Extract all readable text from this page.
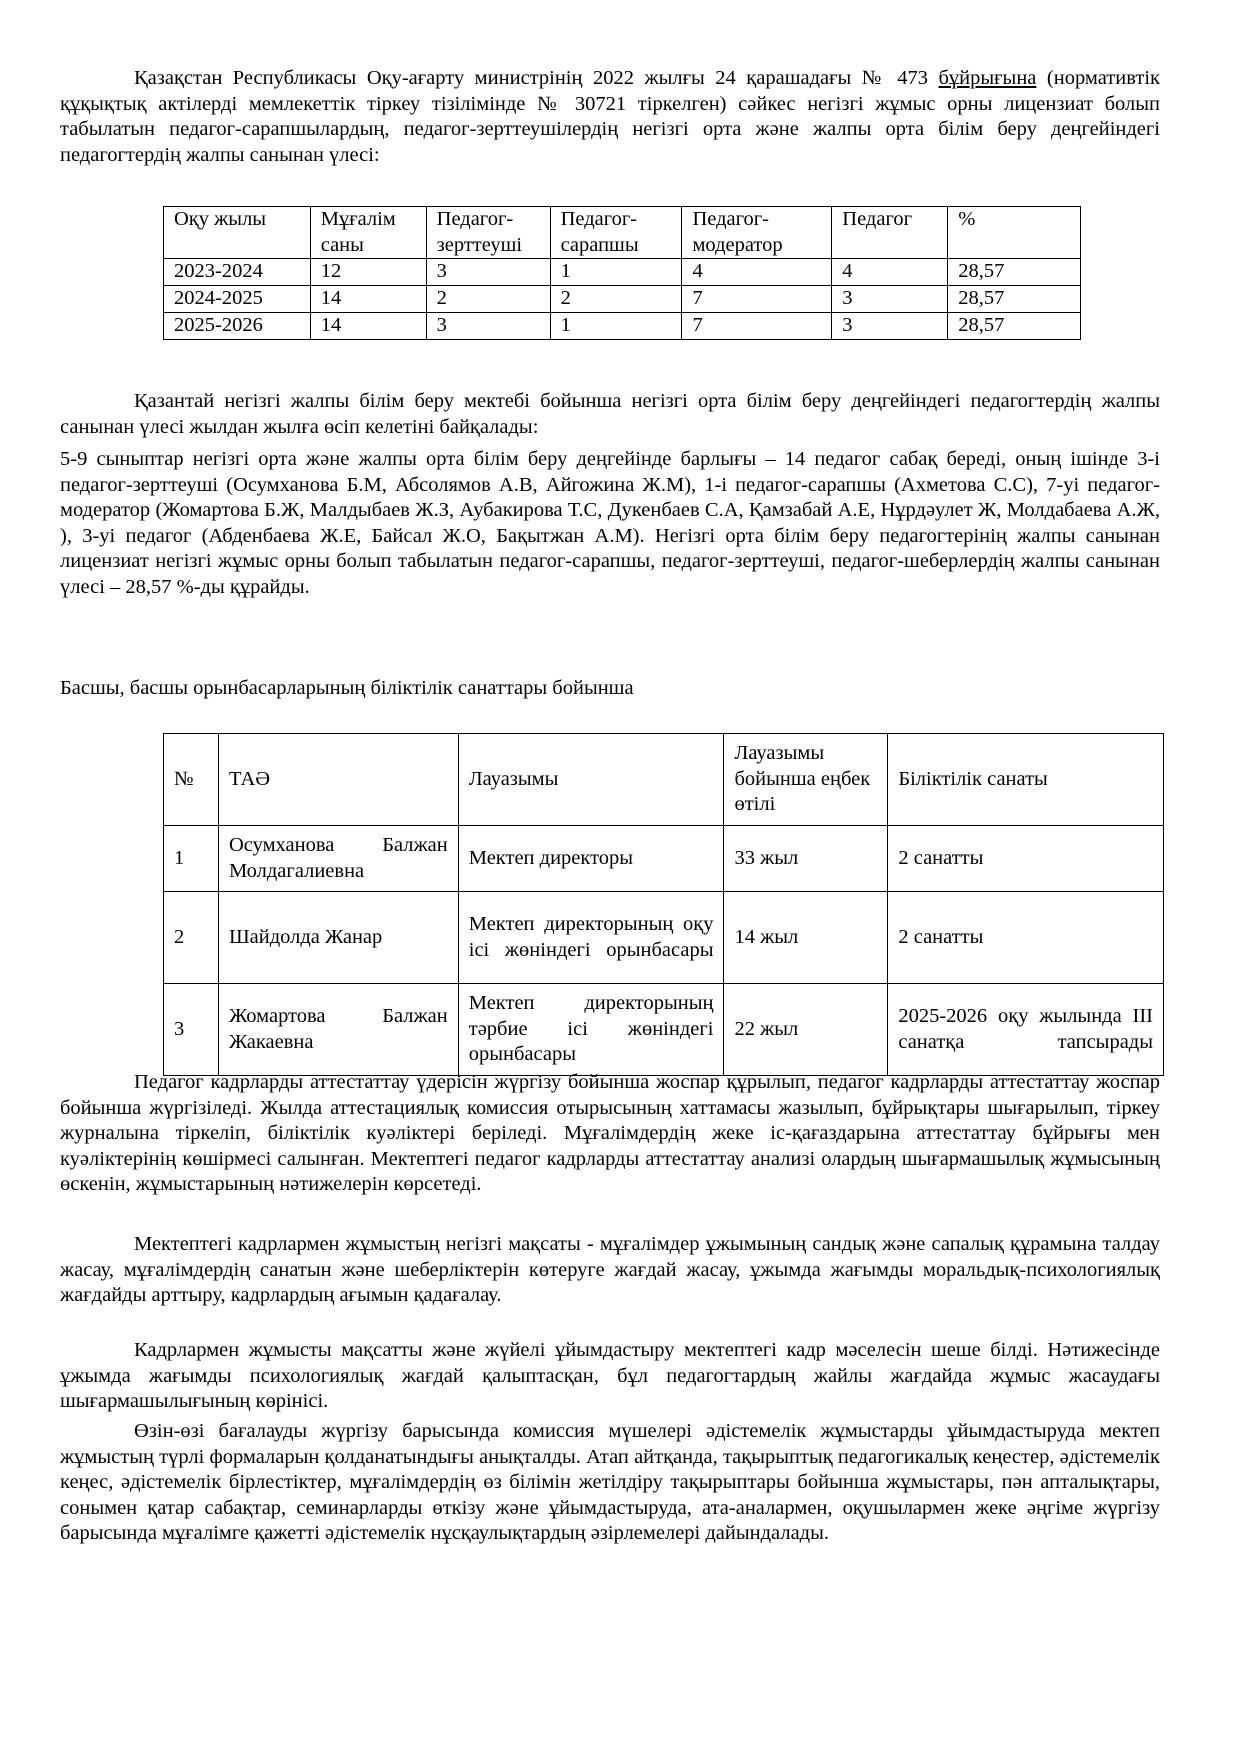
Қазақстан Республикасы Оқу-ағарту министрінің 2022 жылғы 24 қарашадағы № 473 бұйрығына (нормативтік құқықтық актілерді мемлекеттік тіркеу тізілімінде № 30721 тіркелген) сәйкес негізгі жұмыс орны лицензиат болып табылатын педагог-сарапшылардың, педагог-зерттеушілердің негізгі орта және жалпы орта білім беру деңгейіндегі педагогтердің жалпы санынан үлесі:

Оқу жылы	Мұғалім саны	Педагог-зерттеуші	Педагог-сарапшы	Педагог-модератор	Педагог	%
2023-2024	12	3	1	4	4	28,57
2024-2025	14	2	2	7	3	28,57
2025-2026	14	3	1	7	3	28,57

Қазантай негізгі жалпы білім беру мектебі бойынша негізгі орта білім беру деңгейіндегі педагогтердің жалпы санынан үлесі жылдан жылға өсіп келетіні байқалады:

5-9 сыныптар негізгі орта және жалпы орта білім беру деңгейінде барлығы – 14 педагог сабақ береді, оның ішінде 3-і педагог-зерттеуші (Осумханова Б.М, Абсолямов А.В, Айгожина Ж.М), 1-і педагог-сарапшы (Ахметова С.С), 7-уі педагог-модератор (Жомартова Б.Ж, Малдыбаев Ж.З, Аубакирова Т.С, Дукенбаев С.А, Қамзабай А.Е, Нұрдәулет Ж, Молдабаева А.Ж, ), 3-уі педагог (Абденбаева Ж.Е, Байсал Ж.О, Бақытжан А.М). Негізгі орта білім беру педагогтерінің жалпы санынан лицензиат негізгі жұмыс орны болып табылатын педагог-сарапшы, педагог-зерттеуші, педагог-шеберлердің жалпы санынан үлесі – 28,57 %-ды құрайды.

Басшы, басшы орынбасарларының біліктілік санаттары бойынша

№	ТАӘ	Лауазымы	Лауазымы бойынша еңбек өтілі	Біліктілік санаты
1	Осумханова Балжан Молдагалиевна	Мектеп директоры	33 жыл	2 санатты
2	Шайдолда Жанар	Мектеп директорының оқу ісі жөніндегі орынбасары	14 жыл	2 санатты
3	Жомартова Балжан Жакаевна	Мектеп директорының тәрбие ісі жөніндегі орынбасары	22 жыл	2025-2026 оқу жылында ІІІ санатқа тапсырады

Педагог кадрларды аттестаттау үдерісін жүргізу бойынша жоспар құрылып, педагог кадрларды аттестаттау жоспар бойынша жүргізіледі. Жылда аттестациялық комиссия отырысының хаттамасы жазылып, бұйрықтары шығарылып, тіркеу журналына тіркеліп, біліктілік куәліктері беріледі. Мұғалімдердің жеке іс-қағаздарына аттестаттау бұйрығы мен куәліктерінің көшірмесі салынған. Мектептегі педагог кадрларды аттестаттау анализі олардың шығармашылық жұмысының өскенін, жұмыстарының нәтижелерін көрсетеді.

Мектептегі кадрлармен жұмыстың негізгі мақсаты - мұғалімдер ұжымының сандық және сапалық құрамына талдау жасау, мұғалімдердің санатын және шеберліктерін көтеруге жағдай жасау, ұжымда жағымды моральдық-психологиялық жағдайды арттыру, кадрлардың ағымын қадағалау.

Кадрлармен жұмысты мақсатты және жүйелі ұйымдастыру мектептегі кадр мәселесін шеше білді. Нәтижесінде ұжымда жағымды психологиялық жағдай қалыптасқан, бұл педагогтардың жайлы жағдайда жұмыс жасаудағы шығармашылығының көрінісі.

Өзін-өзі бағалауды жүргізу барысында комиссия мүшелері әдістемелік жұмыстарды ұйымдастыруда мектеп жұмыстың түрлі формаларын қолданатындығы анықталды. Атап айтқанда, тақырыптық педагогикалық кеңестер, әдістемелік кеңес, әдістемелік бірлестіктер, мұғалімдердің өз білімін жетілдіру тақырыптары бойынша жұмыстары, пән апталықтары, сонымен қатар сабақтар, семинарларды өткізу және ұйымдастыруда, ата-аналармен, оқушылармен жеке әңгіме жүргізу барысында мұғалімге қажетті әдістемелік нұсқаулықтардың әзірлемелері дайындалады.
